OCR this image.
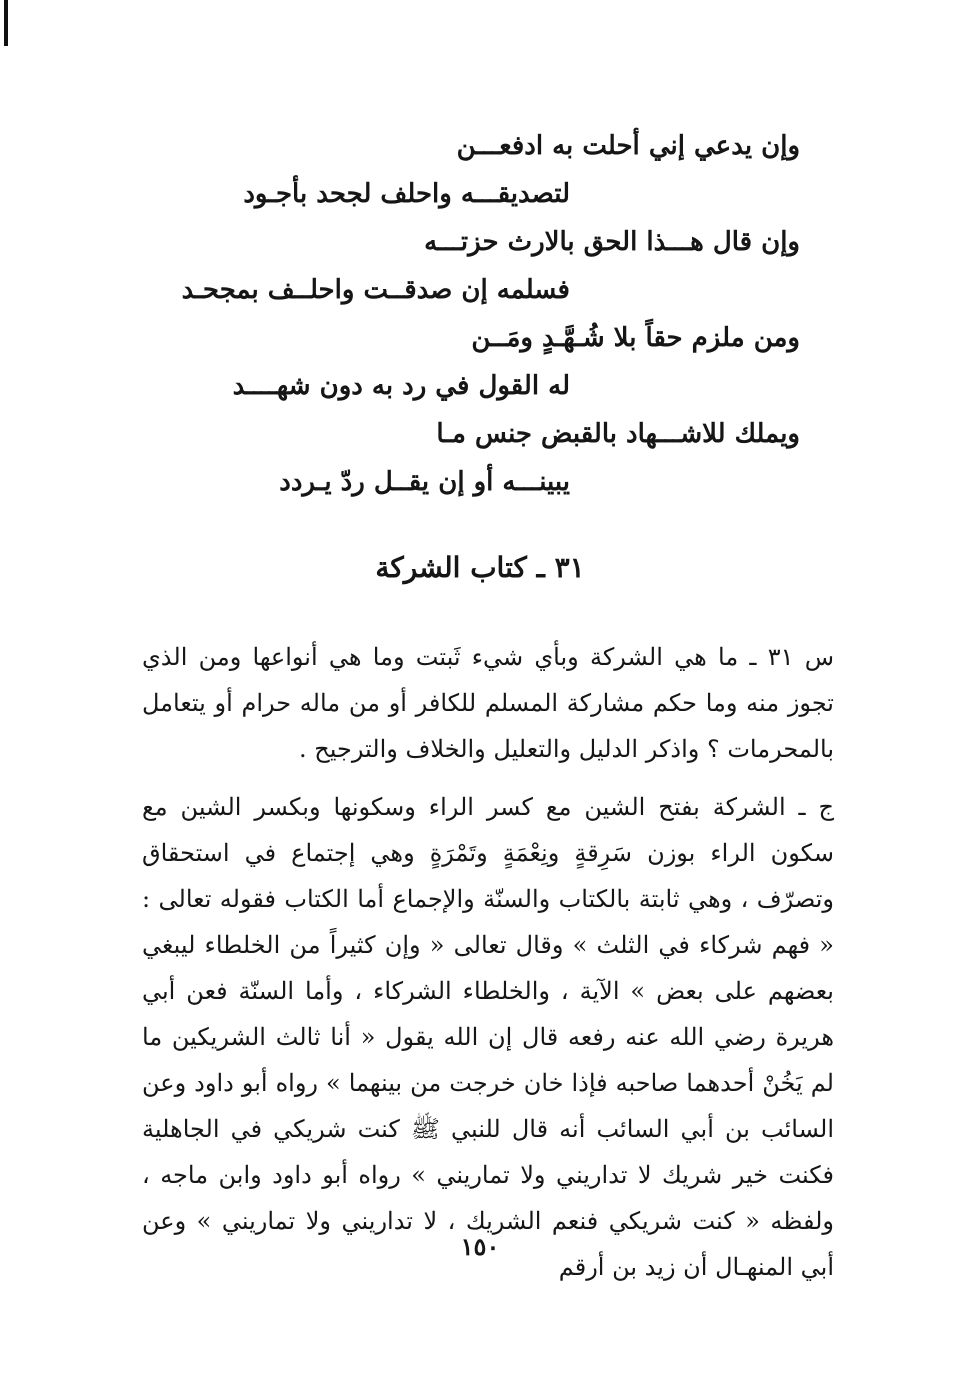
وإن يدعي إني أحلت به ادفعـــن
لتصديقـــه واحلف لجحد بأجـود
وإن قال هـــذا الحق بالارث حزتـــه
فسلمه إن صدقــت واحلــف بمجحـد
ومن ملزم حقاً بلا شُـهَّـدٍ ومَــن
له القول في رد به دون شهــــد
ويملك للاشـــهاد بالقبض جنس مـا
يبينـــه أو إن يقــل ردّ يـردد
٣١ ـ كتاب الشركة

س ٣١ ـ ما هي الشركة وبأي شيء ثَبتت وما هي أنواعها ومن الذي تجوز منه وما حكم مشاركة المسلم للكافر أو من ماله حرام أو يتعامل بالمحرمات ؟ واذكر الدليل والتعليل والخلاف والترجيح .

ج ـ الشركة بفتح الشين مع كسر الراء وسكونها وبكسر الشين مع سكون الراء بوزن سَرِقةٍ ونِعْمَةٍ وتَمْرَةٍ وهي إجتماع في استحقاق وتصرّف ، وهي ثابتة بالكتاب والسنّة والإجماع أما الكتاب فقوله تعالى : « فهم شركاء في الثلث » وقال تعالى « وإن كثيراً من الخلطاء ليبغي بعضهم على بعض » الآية ، والخلطاء الشركاء ، وأما السنّة فعن أبي هريرة رضي الله عنه رفعه قال إن الله يقول « أنا ثالث الشريكين ما لم يَخُنْ أحدهما صاحبه فإذا خان خرجت من بينهما » رواه أبو داود وعن السائب بن أبي السائب أنه قال للنبي ﷺ كنت شريكي في الجاهلية فكنت خير شريك لا تداريني ولا تماريني » رواه أبو داود وابن ماجه ، ولفظه « كنت شريكي فنعم الشريك ، لا تداريني ولا تماريني » وعن أبي المنهـال أن زيد بن أرقم

١٥٠
